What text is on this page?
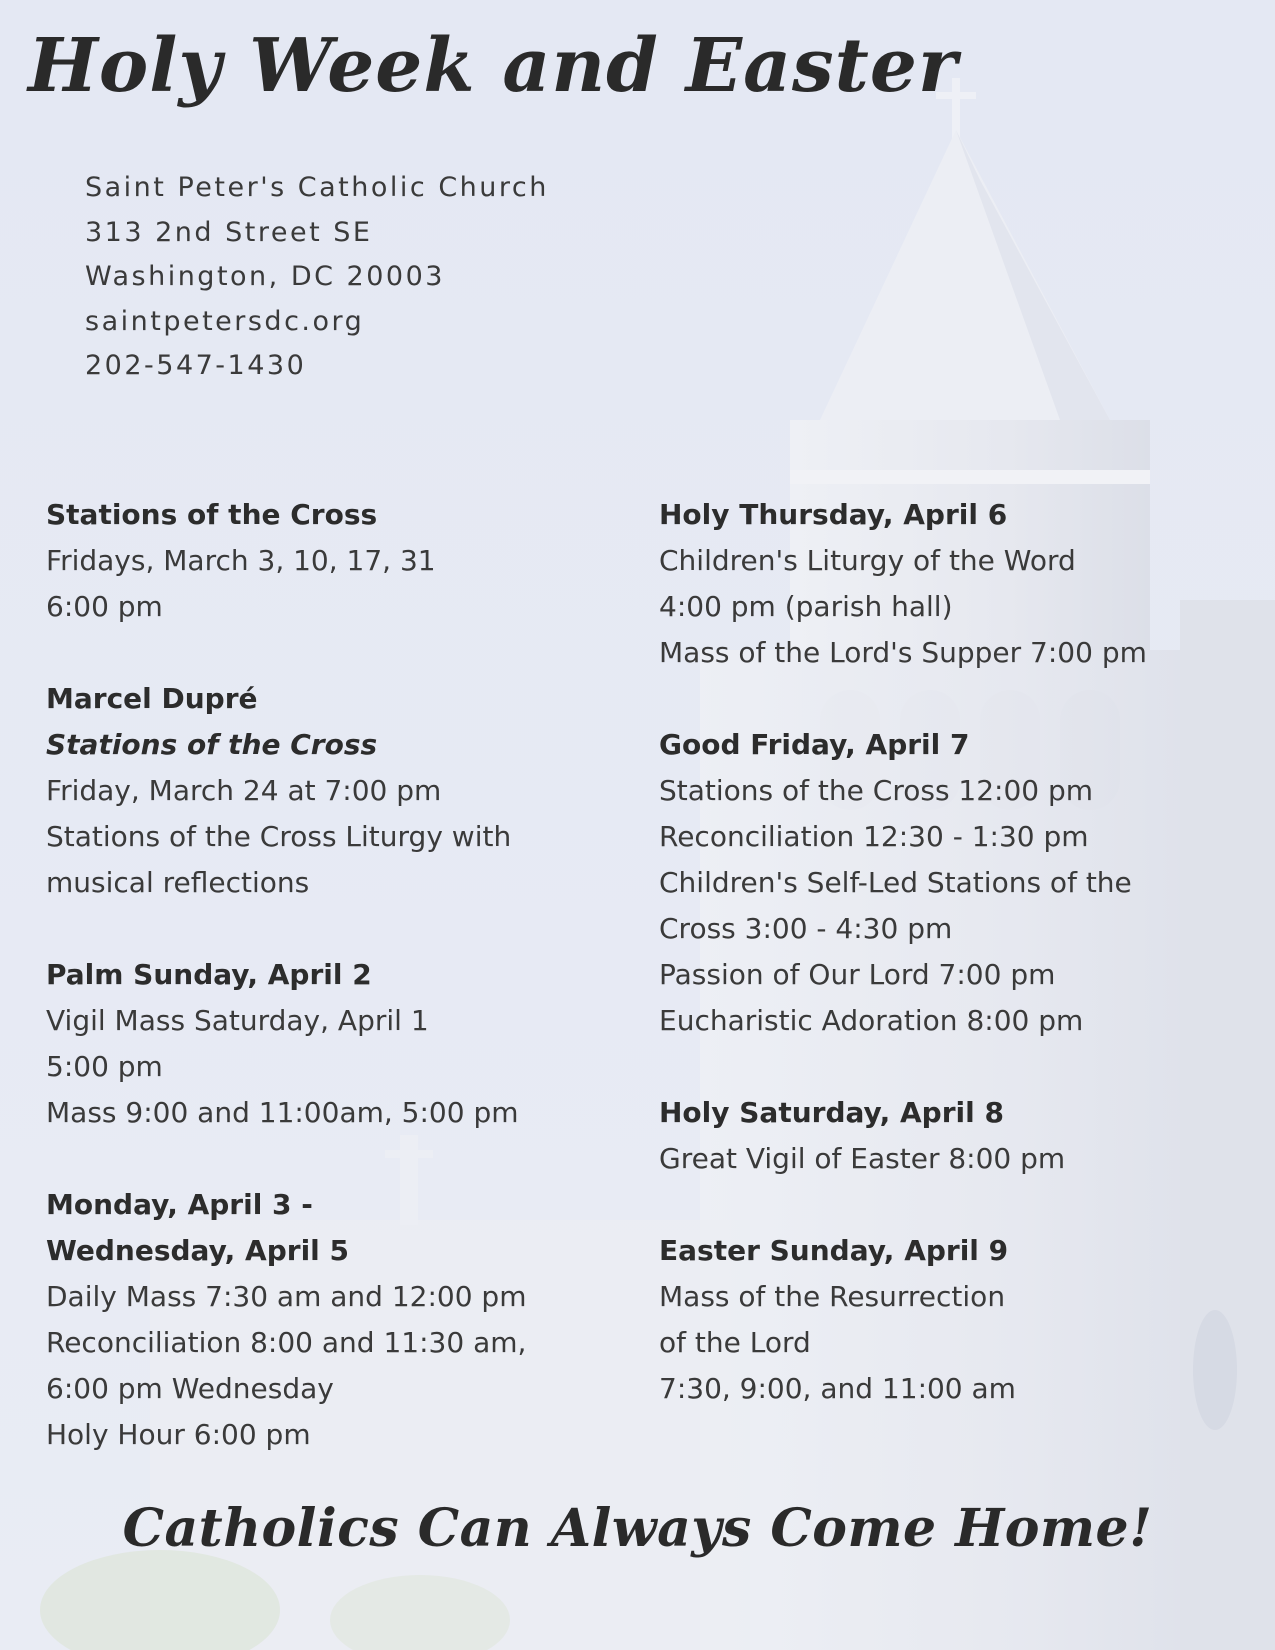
Holy Week and Easter
Saint Peter's Catholic Church
313 2nd Street SE
Washington, DC 20003
saintpetersdc.org
202-547-1430
Stations of the Cross
Fridays, March 3, 10, 17, 31
6:00 pm
Marcel Dupré
Stations of the Cross
Friday, March 24 at 7:00 pm
Stations of the Cross Liturgy with
musical reflections
Palm Sunday, April 2
Vigil Mass Saturday, April 1
5:00 pm
Mass 9:00 and 11:00am, 5:00 pm
Monday, April 3 -
Wednesday, April 5
Daily Mass 7:30 am and 12:00 pm
Reconciliation 8:00 and 11:30 am,
6:00 pm Wednesday
Holy Hour 6:00 pm
Holy Thursday, April 6
Children's Liturgy of the Word
4:00 pm (parish hall)
Mass of the Lord's Supper 7:00 pm
Good Friday, April 7
Stations of the Cross 12:00 pm
Reconciliation 12:30 - 1:30 pm
Children's Self-Led Stations of the
Cross 3:00 - 4:30 pm
Passion of Our Lord 7:00 pm
Eucharistic Adoration 8:00 pm
Holy Saturday, April 8
Great Vigil of Easter 8:00 pm
Easter Sunday, April 9
Mass of the Resurrection
of the Lord
7:30, 9:00, and 11:00 am
Catholics Can Always Come Home!
